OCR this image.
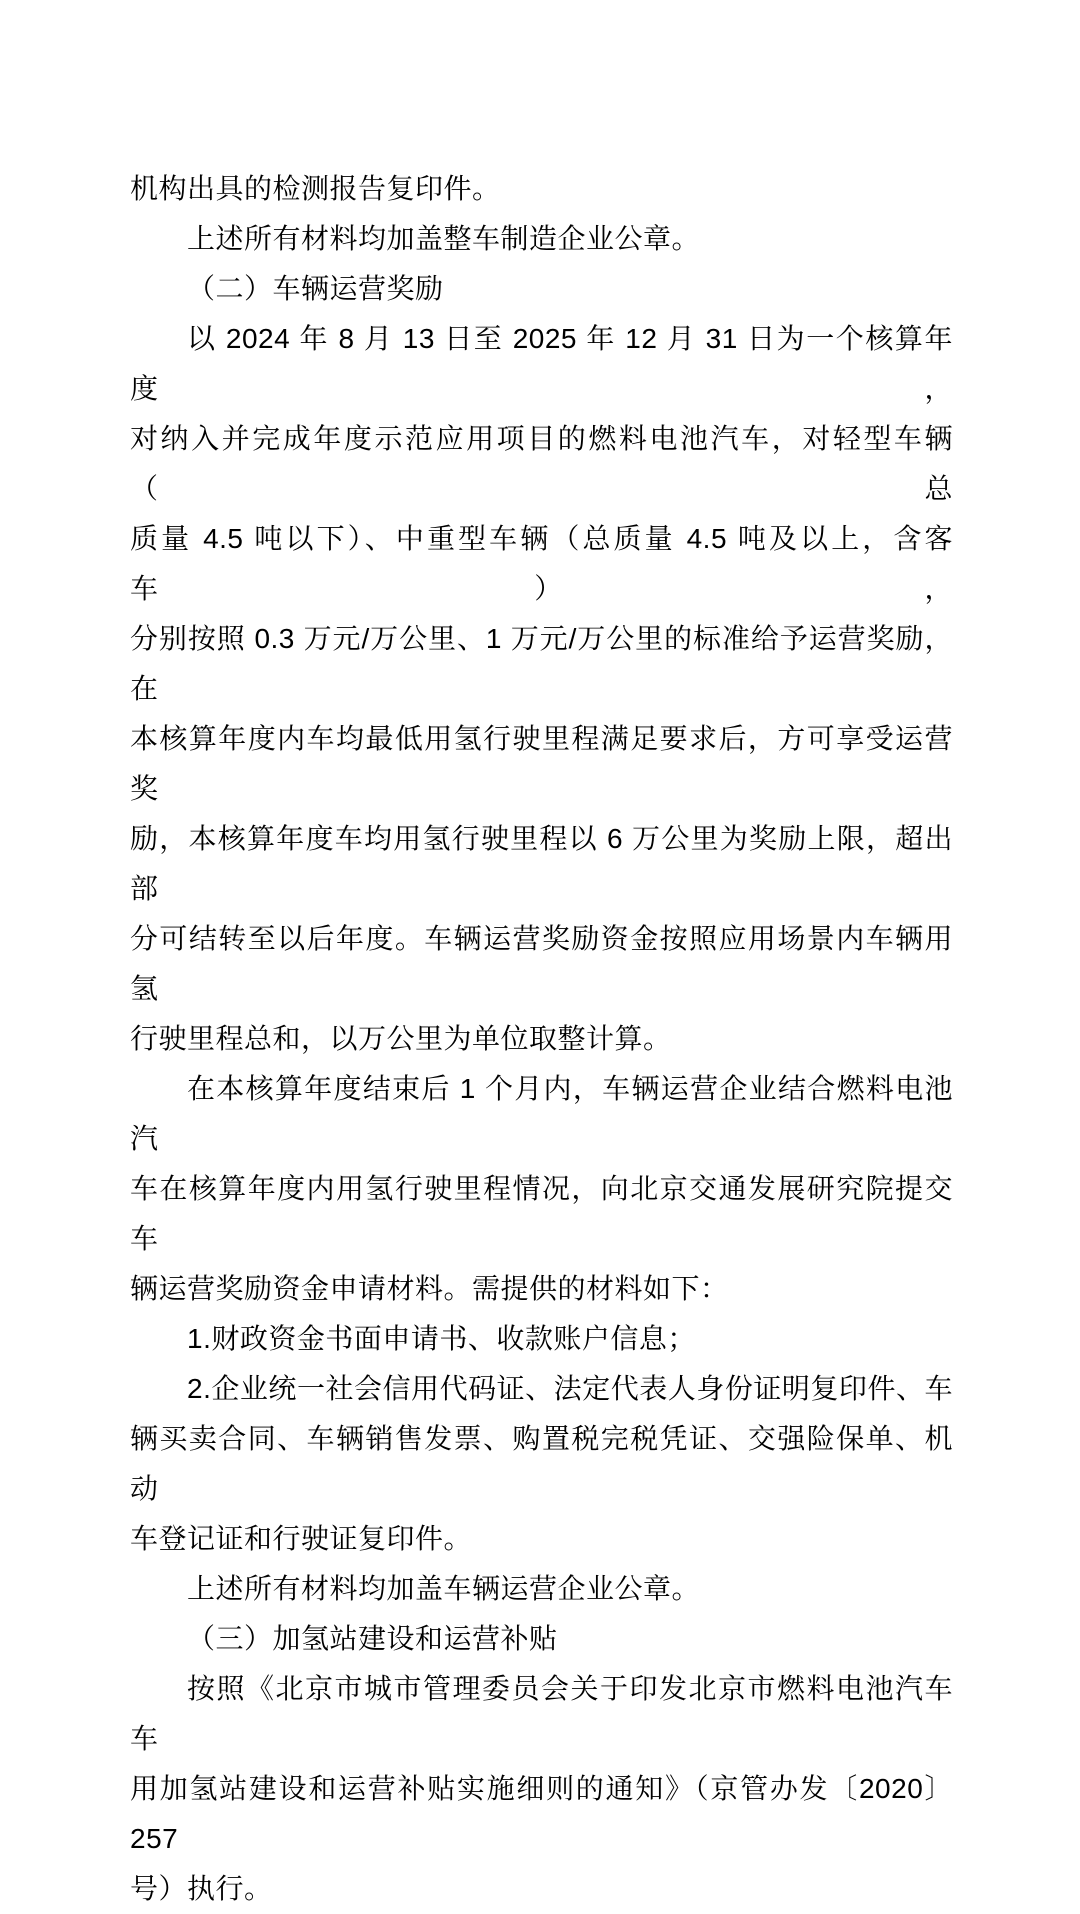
机构出具的检测报告复印件。
上述所有材料均加盖整车制造企业公章。
（二）车辆运营奖励
以 2024 年 8 月 13 日至 2025 年 12 月 31 日为一个核算年度，
对纳入并完成年度示范应用项目的燃料电池汽车，对轻型车辆（总
质量 4.5 吨以下）、中重型车辆（总质量 4.5 吨及以上，含客车），
分别按照 0.3 万元/万公里、1 万元/万公里的标准给予运营奖励，在
本核算年度内车均最低用氢行驶里程满足要求后，方可享受运营奖
励，本核算年度车均用氢行驶里程以 6 万公里为奖励上限，超出部
分可结转至以后年度。车辆运营奖励资金按照应用场景内车辆用氢
行驶里程总和，以万公里为单位取整计算。
在本核算年度结束后 1 个月内，车辆运营企业结合燃料电池汽
车在核算年度内用氢行驶里程情况，向北京交通发展研究院提交车
辆运营奖励资金申请材料。需提供的材料如下：
1.财政资金书面申请书、收款账户信息；
2.企业统一社会信用代码证、法定代表人身份证明复印件、车
辆买卖合同、车辆销售发票、购置税完税凭证、交强险保单、机动
车登记证和行驶证复印件。
上述所有材料均加盖车辆运营企业公章。
（三）加氢站建设和运营补贴
按照《北京市城市管理委员会关于印发北京市燃料电池汽车车
用加氢站建设和运营补贴实施细则的通知》（京管办发〔2020〕257
号）执行。
